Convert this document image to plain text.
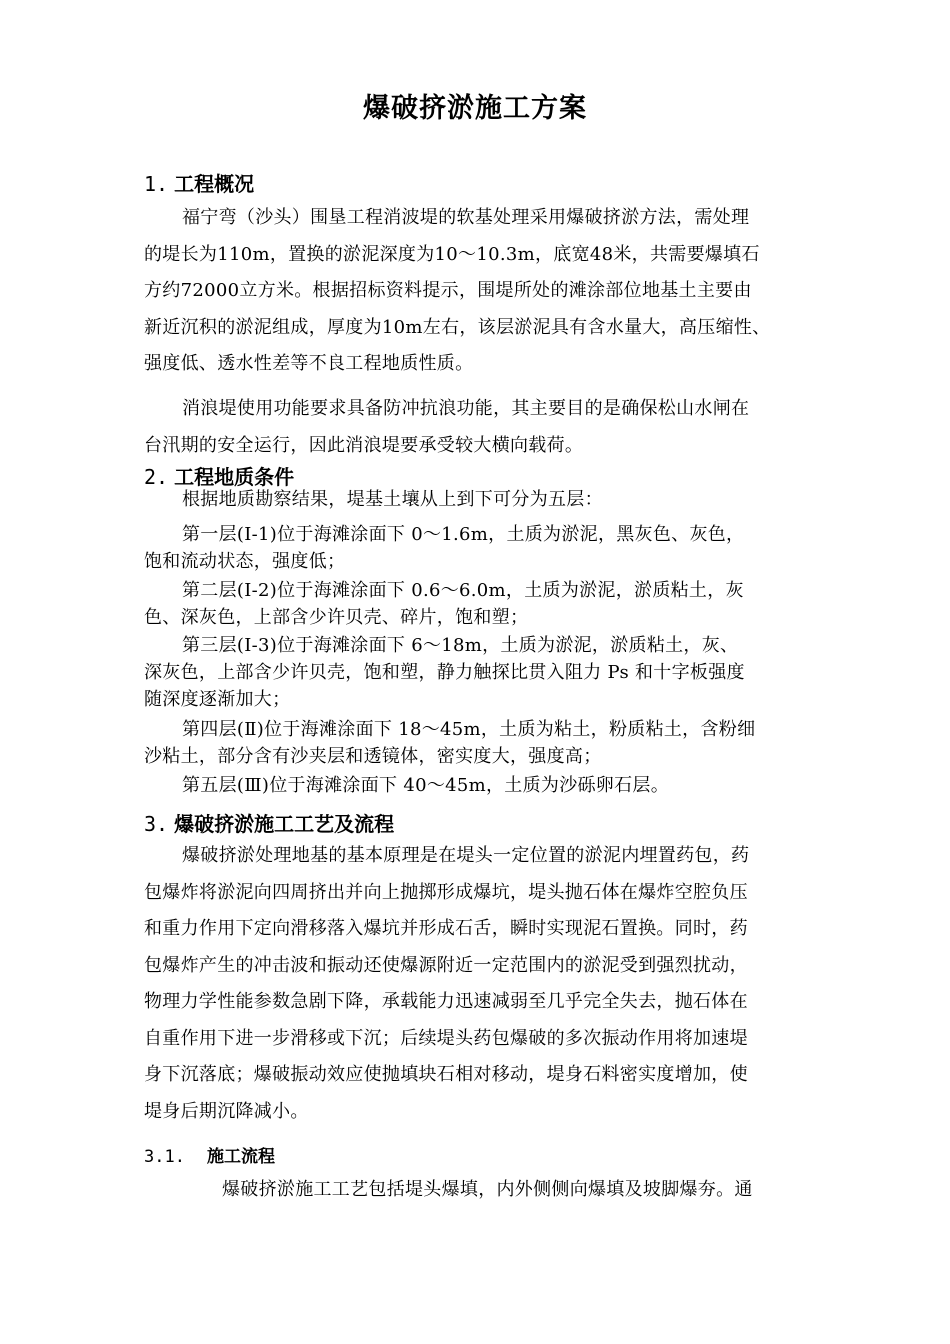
爆破挤淤施工方案
1. 工程概况
福宁弯（沙头）围垦工程消波堤的软基处理采用爆破挤淤方法，需处理
的堤长为110m，置换的淤泥深度为10～10.3m，底宽48米，共需要爆填石
方约72000立方米。根据招标资料提示，围堤所处的滩涂部位地基土主要由
新近沉积的淤泥组成，厚度为10m左右，该层淤泥具有含水量大，高压缩性、
强度低、透水性差等不良工程地质性质。
消浪堤使用功能要求具备防冲抗浪功能，其主要目的是确保松山水闸在
台汛期的安全运行，因此消浪堤要承受较大横向载荷。
2. 工程地质条件
根据地质勘察结果，堤基土壤从上到下可分为五层：
第一层(Ⅰ-1)位于海滩涂面下 0～1.6m，土质为淤泥，黑灰色、灰色，
饱和流动状态，强度低；
第二层(Ⅰ-2)位于海滩涂面下 0.6～6.0m，土质为淤泥，淤质粘土，灰
色、深灰色，上部含少许贝壳、碎片，饱和塑；
第三层(Ⅰ-3)位于海滩涂面下 6～18m，土质为淤泥，淤质粘土，灰、
深灰色，上部含少许贝壳，饱和塑，静力触探比贯入阻力 Ps 和十字板强度
随深度逐渐加大；
第四层(Ⅱ)位于海滩涂面下 18～45m，土质为粘土，粉质粘土，含粉细
沙粘土，部分含有沙夹层和透镜体，密实度大，强度高；
第五层(Ⅲ)位于海滩涂面下 40～45m，土质为沙砾卵石层。
3. 爆破挤淤施工工艺及流程
爆破挤淤处理地基的基本原理是在堤头一定位置的淤泥内埋置药包，药
包爆炸将淤泥向四周挤出并向上抛掷形成爆坑，堤头抛石体在爆炸空腔负压
和重力作用下定向滑移落入爆坑并形成石舌，瞬时实现泥石置换。同时，药
包爆炸产生的冲击波和振动还使爆源附近一定范围内的淤泥受到强烈扰动，
物理力学性能参数急剧下降，承载能力迅速减弱至几乎完全失去，抛石体在
自重作用下进一步滑移或下沉；后续堤头药包爆破的多次振动作用将加速堤
身下沉落底；爆破振动效应使抛填块石相对移动，堤身石料密实度增加，使
堤身后期沉降减小。
3.1. 施工流程
爆破挤淤施工工艺包括堤头爆填，内外侧侧向爆填及坡脚爆夯。通
